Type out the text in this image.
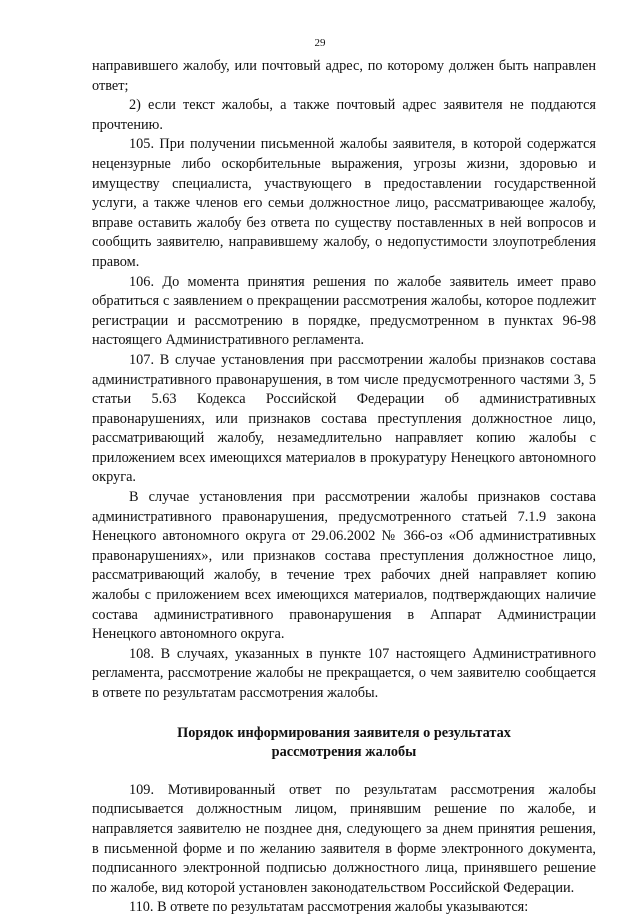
29

направившего жалобу, или почтовый адрес, по которому должен быть направлен ответ;

2) если текст жалобы, а также почтовый адрес заявителя не поддаются прочтению.

105. При получении письменной жалобы заявителя, в которой содержатся нецензурные либо оскорбительные выражения, угрозы жизни, здоровью и имуществу специалиста, участвующего в предоставлении государственной услуги, а также членов его семьи должностное лицо, рассматривающее жалобу, вправе оставить жалобу без ответа по существу поставленных в ней вопросов и сообщить заявителю, направившему жалобу, о недопустимости злоупотребления правом.

106. До момента принятия решения по жалобе заявитель имеет право обратиться с заявлением о прекращении рассмотрения жалобы, которое подлежит регистрации и рассмотрению в порядке, предусмотренном в пунктах 96-98 настоящего Административного регламента.

107. В случае установления при рассмотрении жалобы признаков состава административного правонарушения, в том числе предусмотренного частями 3, 5 статьи 5.63 Кодекса Российской Федерации об административных правонарушениях, или признаков состава преступления должностное лицо, рассматривающий жалобу, незамедлительно направляет копию жалобы с приложением всех имеющихся материалов в прокуратуру Ненецкого автономного округа.

В случае установления при рассмотрении жалобы признаков состава административного правонарушения, предусмотренного статьей 7.1.9 закона Ненецкого автономного округа от 29.06.2002 № 366-оз «Об административных правонарушениях», или признаков состава преступления должностное лицо, рассматривающий жалобу, в течение трех рабочих дней направляет копию жалобы с приложением всех имеющихся материалов, подтверждающих наличие состава административного правонарушения в Аппарат Администрации Ненецкого автономного округа.

108. В случаях, указанных в пункте 107 настоящего Административного регламента, рассмотрение жалобы не прекращается, о чем заявителю сообщается в ответе по результатам рассмотрения жалобы.

Порядок информирования заявителя о результатах
рассмотрения жалобы

109. Мотивированный ответ по результатам рассмотрения жалобы подписывается должностным лицом, принявшим решение по жалобе, и направляется заявителю не позднее дня, следующего за днем принятия решения, в письменной форме и по желанию заявителя в форме электронного документа, подписанного электронной подписью должностного лица, принявшего решение по жалобе, вид которой установлен законодательством Российской Федерации.

110. В ответе по результатам рассмотрения жалобы указываются:
